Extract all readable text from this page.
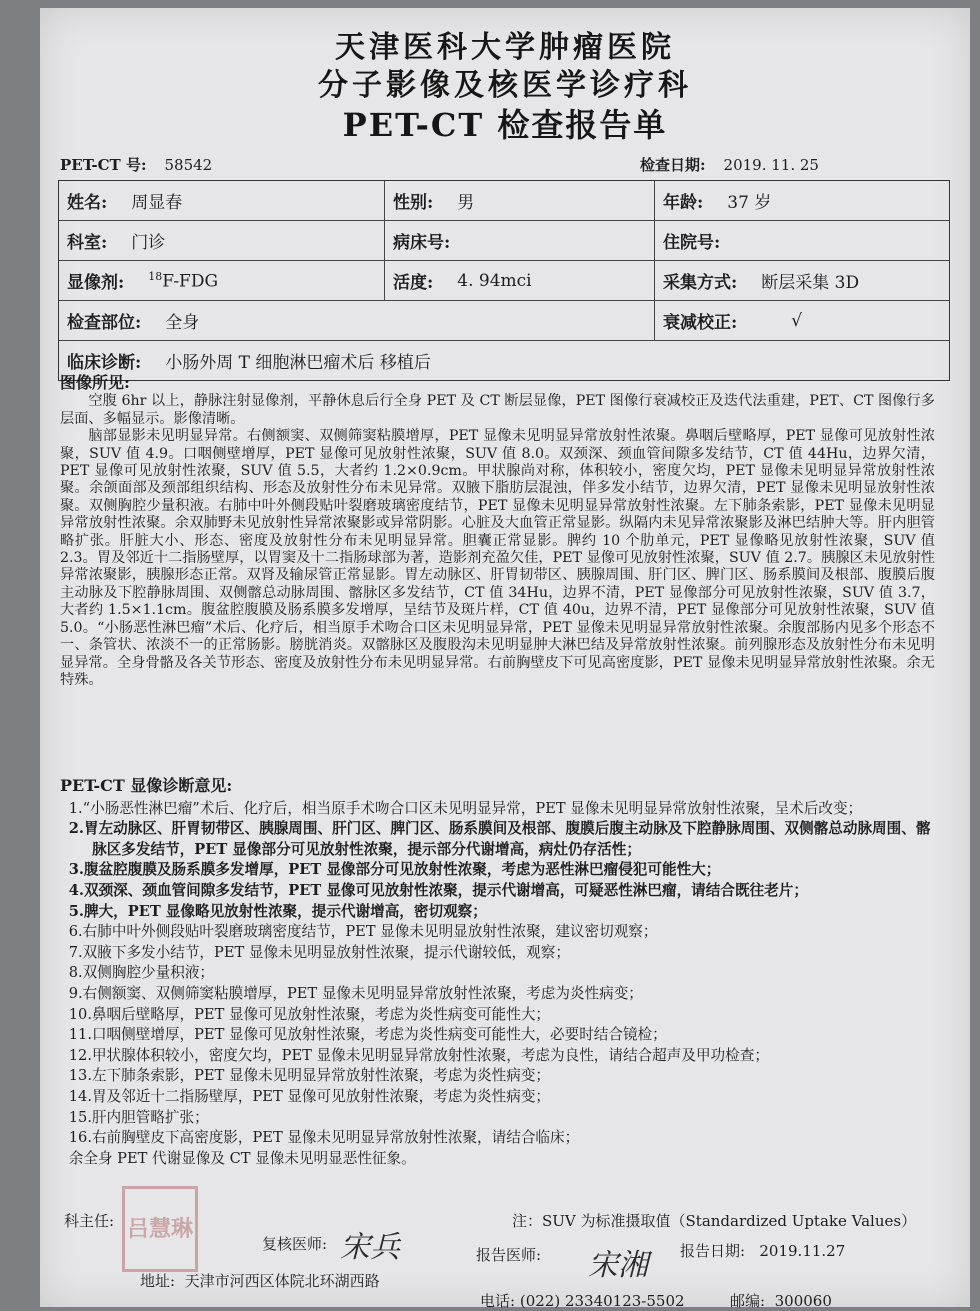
天津医科大学肿瘤医院
分子影像及核医学诊疗科
PET-CT 检查报告单
PET-CT 号: 58542	检查日期: 2019. 11. 25
姓名: 周显春	性别: 男	年龄: 37 岁
科室: 门诊	病床号:	住院号:
显像剂: $^{18}$F-FDG	活度: 4. 94mci	采集方式: 断层采集 3D
检查部位: 全身	衰减校正:	√
临床诊断: 小肠外周 T 细胞淋巴瘤术后 移植后
图像所见:

空腹 6hr 以上，静脉注射显像剂，平静休息后行全身 PET 及 CT 断层显像，PET 图像行衰减校正及迭代法重建，PET、CT 图像行多层面、多幅显示。影像清晰。

脑部显影未见明显异常。右侧额窦、双侧筛窦粘膜增厚，PET 显像未见明显异常放射性浓聚。鼻咽后壁略厚，PET 显像可见放射性浓聚，SUV 值 4.9。口咽侧壁增厚，PET 显像可见放射性浓聚，SUV 值 8.0。双颈深、颈血管间隙多发结节，CT 值 44Hu，边界欠清，PET 显像可见放射性浓聚，SUV 值 5.5，大者约 1.2×0.9cm。甲状腺尚对称，体积较小，密度欠均，PET 显像未见明显异常放射性浓聚。余颌面部及颈部组织结构、形态及放射性分布未见异常。双腋下脂肪层混浊，伴多发小结节，边界欠清，PET 显像未见明显放射性浓聚。双侧胸腔少量积液。右肺中叶外侧段贴叶裂磨玻璃密度结节，PET 显像未见明显异常放射性浓聚。左下肺条索影，PET 显像未见明显异常放射性浓聚。余双肺野未见放射性异常浓聚影或异常阴影。心脏及大血管正常显影。纵隔内未见异常浓聚影及淋巴结肿大等。肝内胆管略扩张。肝脏大小、形态、密度及放射性分布未见明显异常。胆囊正常显影。脾约 10 个肋单元，PET 显像略见放射性浓聚，SUV 值 2.3。胃及邻近十二指肠壁厚，以胃窦及十二指肠球部为著，造影剂充盈欠佳，PET 显像可见放射性浓聚，SUV 值 2.7。胰腺区未见放射性异常浓聚影，胰腺形态正常。双肾及输尿管正常显影。胃左动脉区、肝胃韧带区、胰腺周围、肝门区、脾门区、肠系膜间及根部、腹膜后腹主动脉及下腔静脉周围、双侧髂总动脉周围、髂脉区多发结节，CT 值 34Hu，边界不清，PET 显像部分可见放射性浓聚，SUV 值 3.7，大者约 1.5×1.1cm。腹盆腔腹膜及肠系膜多发增厚，呈结节及斑片样，CT 值 40u，边界不清，PET 显像部分可见放射性浓聚，SUV 值 5.0。“小肠恶性淋巴瘤”术后、化疗后，相当原手术吻合口区未见明显异常，PET 显像未见明显异常放射性浓聚。余腹部肠内见多个形态不一、条管状、浓淡不一的正常肠影。膀胱消炎。双髂脉区及腹股沟未见明显肿大淋巴结及异常放射性浓聚。前列腺形态及放射性分布未见明显异常。全身骨骼及各关节形态、密度及放射性分布未见明显异常。右前胸壁皮下可见高密度影，PET 显像未见明显异常放射性浓聚。余无特殊。

PET-CT 显像诊断意见:

1.“小肠恶性淋巴瘤”术后、化疗后，相当原手术吻合口区未见明显异常，PET 显像未见明显异常放射性浓聚，呈术后改变；

2.胃左动脉区、肝胃韧带区、胰腺周围、肝门区、脾门区、肠系膜间及根部、腹膜后腹主动脉及下腔静脉周围、双侧髂总动脉周围、髂脉区多发结节，PET 显像部分可见放射性浓聚，提示部分代谢增高，病灶仍存活性；

3.腹盆腔腹膜及肠系膜多发增厚，PET 显像部分可见放射性浓聚，考虑为恶性淋巴瘤侵犯可能性大；

4.双颈深、颈血管间隙多发结节，PET 显像可见放射性浓聚，提示代谢增高，可疑恶性淋巴瘤，请结合既往老片；

5.脾大，PET 显像略见放射性浓聚，提示代谢增高，密切观察；

6.右肺中叶外侧段贴叶裂磨玻璃密度结节，PET 显像未见明显放射性浓聚，建议密切观察；

7.双腋下多发小结节，PET 显像未见明显放射性浓聚，提示代谢较低，观察；

8.双侧胸腔少量积液；

9.右侧额窦、双侧筛窦粘膜增厚，PET 显像未见明显异常放射性浓聚，考虑为炎性病变；

10.鼻咽后壁略厚，PET 显像可见放射性浓聚，考虑为炎性病变可能性大；

11.口咽侧壁增厚，PET 显像可见放射性浓聚，考虑为炎性病变可能性大，必要时结合镜检；

12.甲状腺体积较小，密度欠均，PET 显像未见明显异常放射性浓聚，考虑为良性，请结合超声及甲功检查；

13.左下肺条索影，PET 显像未见明显异常放射性浓聚，考虑为炎性病变；

14.胃及邻近十二指肠壁厚，PET 显像可见放射性浓聚，考虑为炎性病变；

15.肝内胆管略扩张；

16.右前胸壁皮下高密度影，PET 显像未见明显异常放射性浓聚，请结合临床；

余全身 PET 代谢显像及 CT 显像未见明显恶性征象。

科主任: 吕慧琳	注：SUV 为标准摄取值（Standardized Uptake Values）
复核医师: 宋兵	报告医师: 宋湘 报告日期: 2019.11.27
地址: 天津市河西区体院北环湖西路
电话: (022) 23340123-5502	邮编: 300060
